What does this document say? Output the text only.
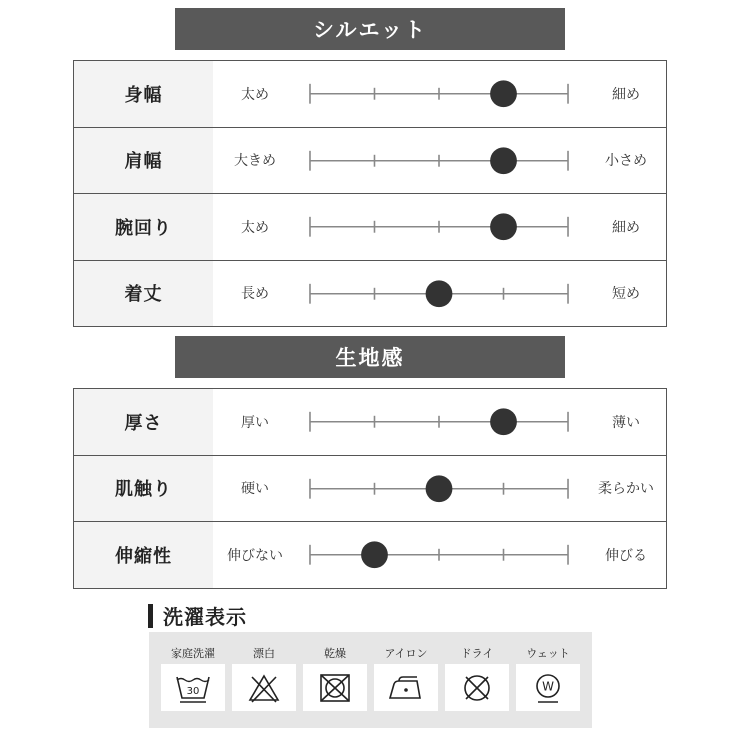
シルエット
身幅	太め	細め
肩幅	大きめ	小さめ
腕回り	太め	細め
着丈	長め	短め
生地感
厚さ	厚い	薄い
肌触り	硬い	柔らかい
伸縮性	伸びない	伸びる
洗濯表示
家庭洗濯
30
漂白	乾燥	アイロン	ドライ	ウェット
W
